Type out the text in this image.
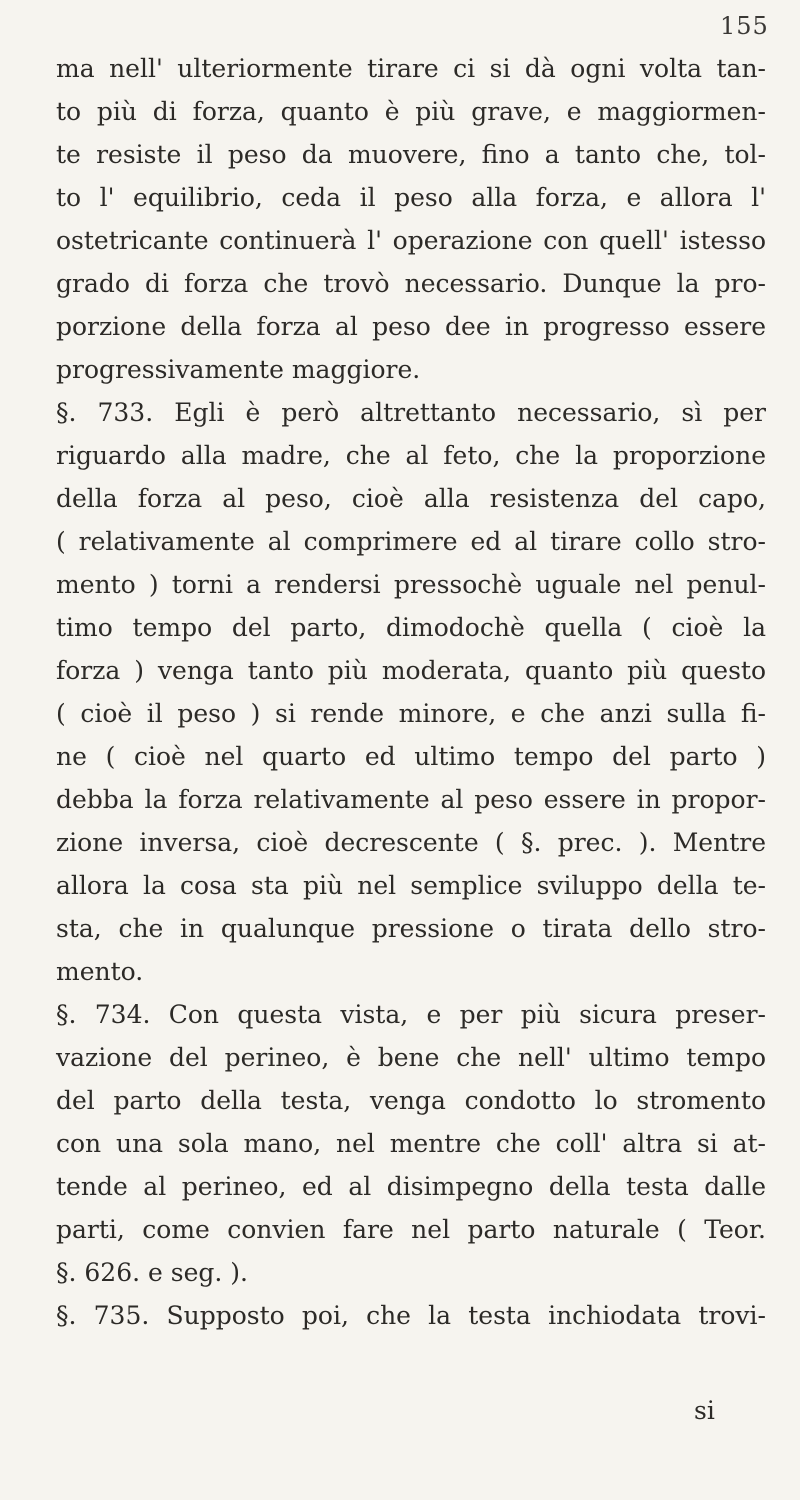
155
ma nell' ulteriormente tirare ci si dà ogni volta tan-
to più di forza, quanto è più grave, e maggiormen-
te resiste il peso da muovere, fino a tanto che, tol-
to l' equilibrio, ceda il peso alla forza, e allora l'
ostetricante continuerà l' operazione con quell' istesso
grado di forza che trovò necessario. Dunque la pro-
porzione della forza al peso dee in progresso essere
progressivamente maggiore.
§. 733. Egli è però altrettanto necessario, sì per
riguardo alla madre, che al feto, che la proporzione
della forza al peso, cioè alla resistenza del capo,
( relativamente al comprimere ed al tirare collo stro-
mento ) torni a rendersi pressochè uguale nel penul-
timo tempo del parto, dimodochè quella ( cioè la
forza ) venga tanto più moderata, quanto più questo
( cioè il peso ) si rende minore, e che anzi sulla fi-
ne ( cioè nel quarto ed ultimo tempo del parto )
debba la forza relativamente al peso essere in propor-
zione inversa, cioè decrescente ( §. prec. ). Mentre
allora la cosa sta più nel semplice sviluppo della te-
sta, che in qualunque pressione o tirata dello stro-
mento.
§. 734. Con questa vista, e per più sicura preser-
vazione del perineo, è bene che nell' ultimo tempo
del parto della testa, venga condotto lo stromento
con una sola mano, nel mentre che coll' altra si at-
tende al perineo, ed al disimpegno della testa dalle
parti, come convien fare nel parto naturale ( Teor.
§. 626. e seg. ).
§. 735. Supposto poi, che la testa inchiodata trovi-
si
